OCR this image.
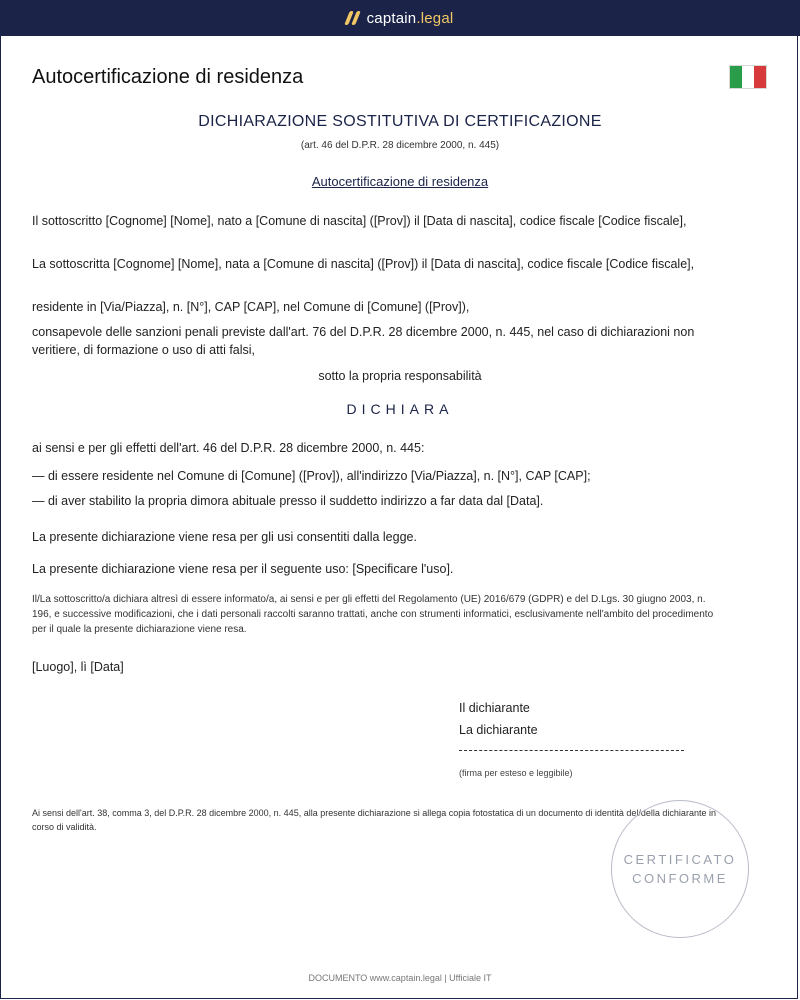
captain.legal
Autocertificazione di residenza
DICHIARAZIONE SOSTITUTIVA DI CERTIFICAZIONE
(art. 46 del D.P.R. 28 dicembre 2000, n. 445)
Autocertificazione di residenza
Il sottoscritto [Cognome] [Nome], nato a [Comune di nascita] ([Prov]) il [Data di nascita], codice fiscale [Codice fiscale],
La sottoscritta [Cognome] [Nome], nata a [Comune di nascita] ([Prov]) il [Data di nascita], codice fiscale [Codice fiscale],
residente in [Via/Piazza], n. [N°], CAP [CAP], nel Comune di [Comune] ([Prov]),
consapevole delle sanzioni penali previste dall'art. 76 del D.P.R. 28 dicembre 2000, n. 445, nel caso di dichiarazioni non veritiere, di formazione o uso di atti falsi,
sotto la propria responsabilità
DICHIARA
ai sensi e per gli effetti dell'art. 46 del D.P.R. 28 dicembre 2000, n. 445:
— di essere residente nel Comune di [Comune] ([Prov]), all'indirizzo [Via/Piazza], n. [N°], CAP [CAP];
— di aver stabilito la propria dimora abituale presso il suddetto indirizzo a far data dal [Data].
La presente dichiarazione viene resa per gli usi consentiti dalla legge.
La presente dichiarazione viene resa per il seguente uso: [Specificare l'uso].
Il/La sottoscritto/a dichiara altresì di essere informato/a, ai sensi e per gli effetti del Regolamento (UE) 2016/679 (GDPR) e del D.Lgs. 30 giugno 2003, n. 196, e successive modificazioni, che i dati personali raccolti saranno trattati, anche con strumenti informatici, esclusivamente nell'ambito del procedimento per il quale la presente dichiarazione viene resa.
[Luogo], lì [Data]
Il dichiarante
La dichiarante
(firma per esteso e leggibile)
Ai sensi dell'art. 38, comma 3, del D.P.R. 28 dicembre 2000, n. 445, alla presente dichiarazione si allega copia fotostatica di un documento di identità del/della dichiarante in corso di validità.
CERTIFICATO
CONFORME
DOCUMENTO www.captain.legal | Ufficiale IT
